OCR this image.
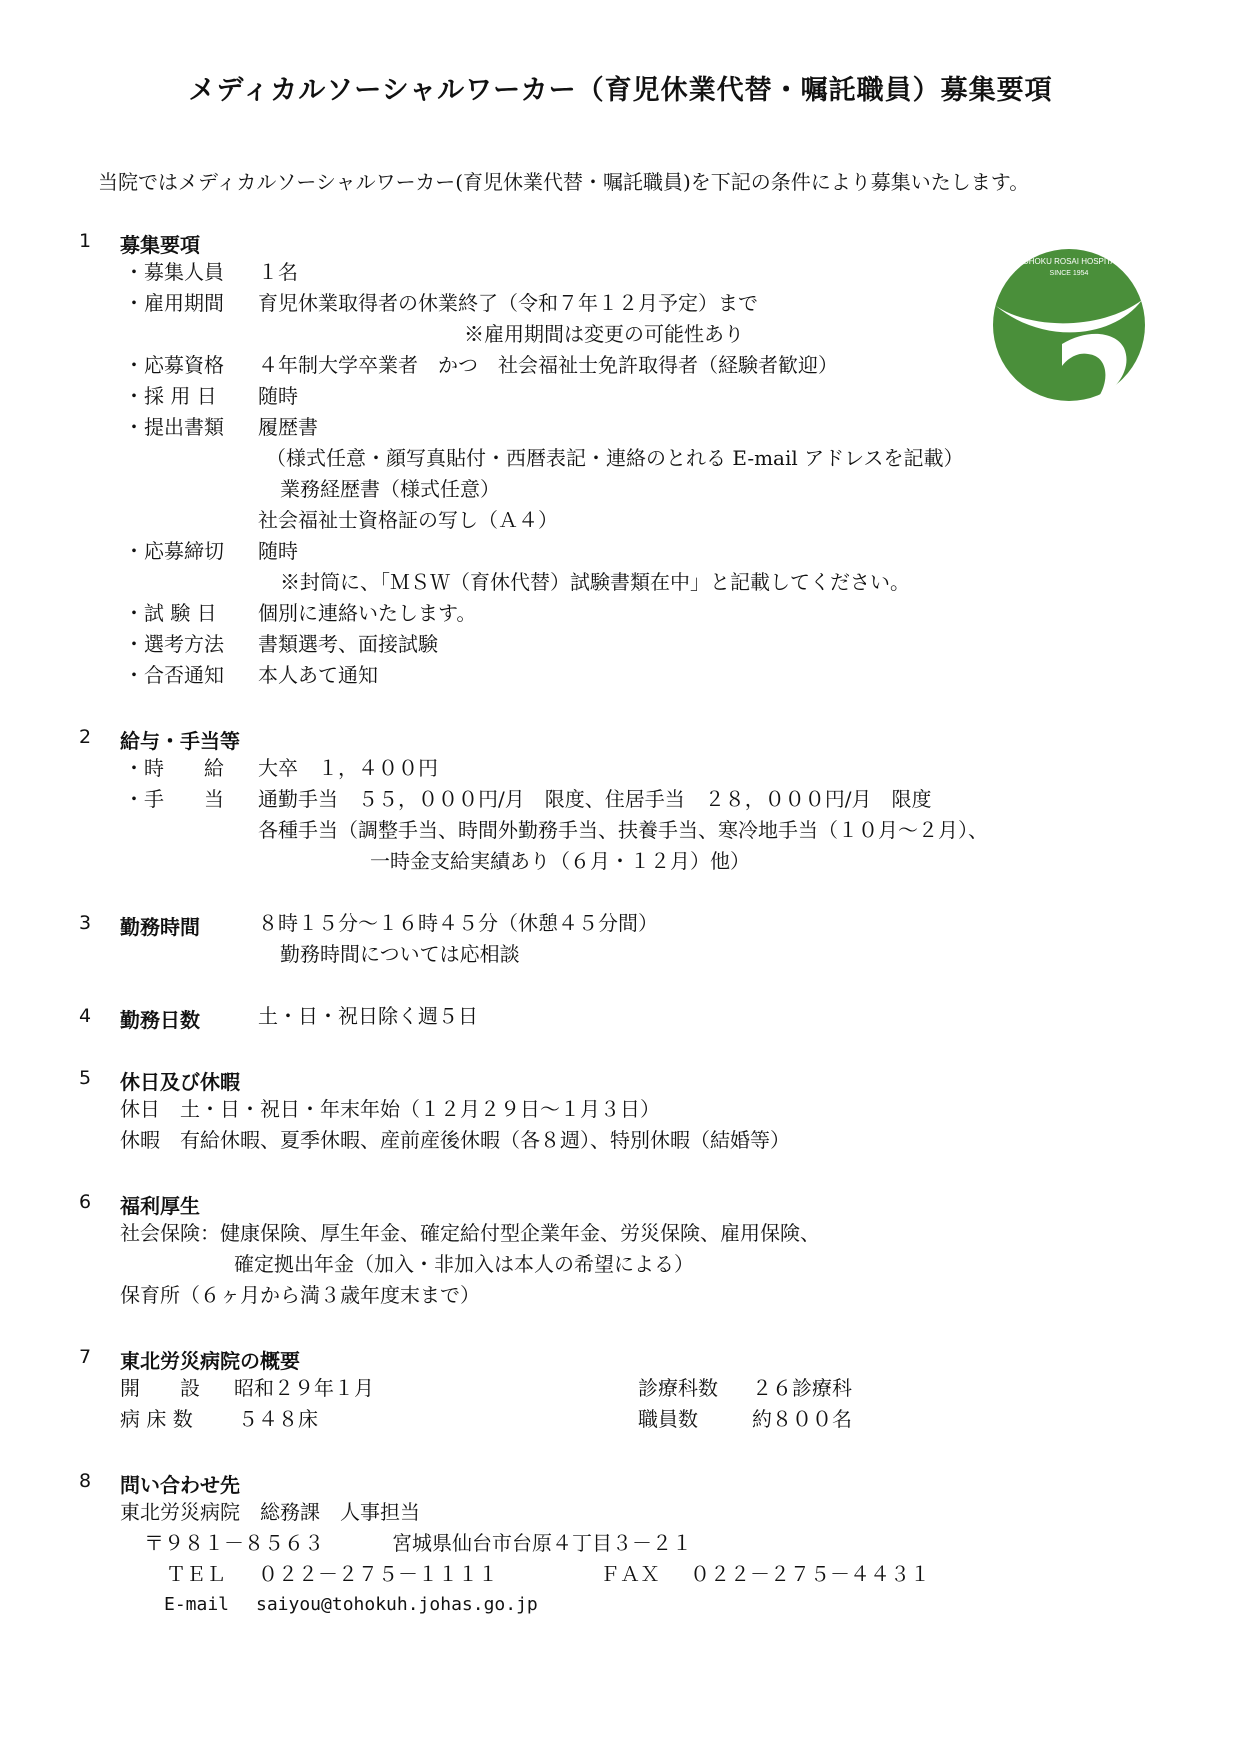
メディカルソーシャルワーカー（育児休業代替・嘱託職員）募集要項
当院ではメディカルソーシャルワーカー(育児休業代替・嘱託職員)を下記の条件により募集いたします。
TOHOKU ROSAI HOSPITAL
SINCE 1954
1 募集要項
・募集人員 １名
・雇用期間 育児休業取得者の休業終了（令和７年１２月予定）まで
※雇用期間は変更の可能性あり
・応募資格 ４年制大学卒業者　かつ　社会福祉士免許取得者（経験者歓迎）
・採 用 日 随時
・提出書類 履歴書
（様式任意・顔写真貼付・西暦表記・連絡のとれる E-mail アドレスを記載）
業務経歴書（様式任意）
社会福祉士資格証の写し（Ａ４）
・応募締切 随時
※封筒に、「ＭＳＷ（育休代替）試験書類在中」と記載してください。
・試 験 日 個別に連絡いたします。
・選考方法 書類選考、面接試験
・合否通知 本人あて通知
2 給与・手当等
・時　　給 大卒　１，４００円
・手　　当 通勤手当　５５，０００円/月　限度、住居手当　２８，０００円/月　限度
各種手当（調整手当、時間外勤務手当、扶養手当、寒冷地手当（１０月～２月）、
一時金支給実績あり（６月・１２月）他）
3 勤務時間	８時１５分～１６時４５分（休憩４５分間）
勤務時間については応相談
4 勤務日数	土・日・祝日除く週５日
5 休日及び休暇
休日　土・日・祝日・年末年始（１２月２９日～１月３日）
休暇　有給休暇、夏季休暇、産前産後休暇（各８週）、特別休暇（結婚等）
6 福利厚生
社会保険：健康保険、厚生年金、確定給付型企業年金、労災保険、雇用保険、
確定拠出年金（加入・非加入は本人の希望による）
保育所（６ヶ月から満３歳年度末まで）
7 東北労災病院の概要
開　　設 昭和２９年１月	診療科数 ２６診療科
病 床 数 ５４８床	職員数	約８００名
8 問い合わせ先
東北労災病院　総務課　人事担当
〒９８１－８５６３	宮城県仙台市台原４丁目３－２１
ＴＥＬ ０２２－２７５－１１１１	ＦＡＸ ０２２－２７５－４４３１
E-mail saiyou@tohokuh.johas.go.jp
